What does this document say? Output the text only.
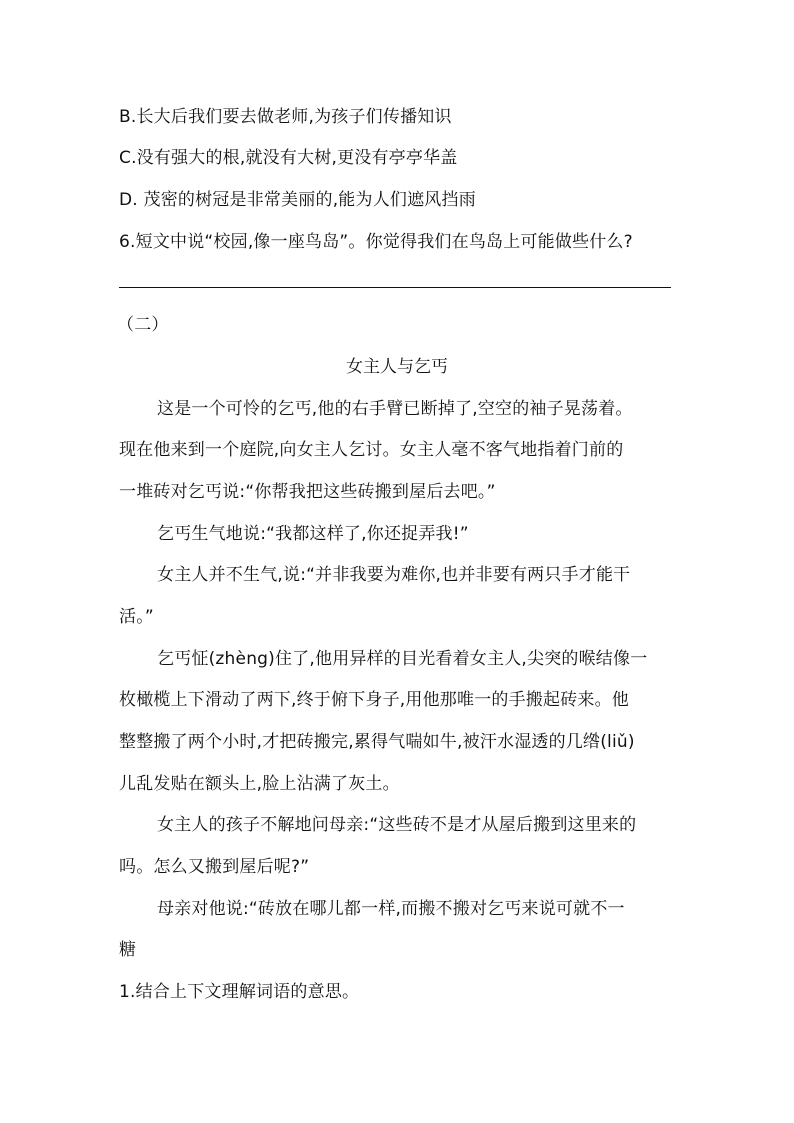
B.长大后我们要去做老师,为孩子们传播知识
C.没有强大的根,就没有大树,更没有亭亭华盖
D. 茂密的树冠是非常美丽的,能为人们遮风挡雨
6.短文中说“校园,像一座鸟岛”。你觉得我们在鸟岛上可能做些什么?
（二）
女主人与乞丐
这是一个可怜的乞丐,他的右手臂已断掉了,空空的袖子晃荡着。
现在他来到一个庭院,向女主人乞讨。女主人毫不客气地指着门前的
一堆砖对乞丐说:“你帮我把这些砖搬到屋后去吧。”
乞丐生气地说:“我都这样了,你还捉弄我!”
女主人并不生气,说:“并非我要为难你,也并非要有两只手才能干
活。”
乞丐怔(zhèng)住了,他用异样的目光看着女主人,尖突的喉结像一
枚橄榄上下滑动了两下,终于俯下身子,用他那唯一的手搬起砖来。他
整整搬了两个小时,才把砖搬完,累得气喘如牛,被汗水湿透的几绺(liǔ)
儿乱发贴在额头上,脸上沾满了灰土。
女主人的孩子不解地问母亲:“这些砖不是才从屋后搬到这里来的
吗。怎么又搬到屋后呢?”
母亲对他说:“砖放在哪儿都一样,而搬不搬对乞丐来说可就不一
糖
1.结合上下文理解词语的意思。
